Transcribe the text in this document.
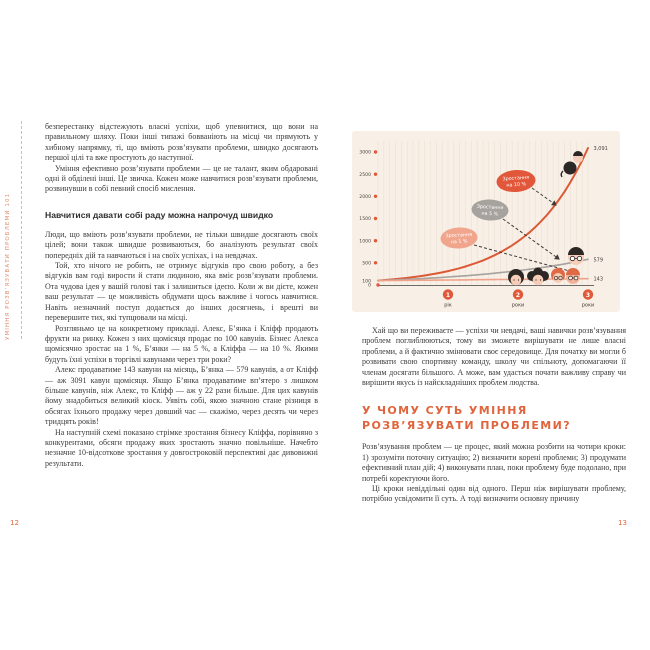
УМІННЯ РОЗВ’ЯЗУВАТИ ПРОБЛЕМИ 101

безперестанку відстежують власні успіхи, щоб упевнитися, що вони на правильному шляху. Поки інші типажі бовваніють на місці чи прямують у хибному напрямку, ті, що вміють розв’язувати проблеми, швидко досягають першої цілі та вже простують до наступної.

Уміння ефективно розв’язувати проблеми — це не талант, яким обдаровані одні й обділені інші. Це звичка. Кожен може навчитися розв’язувати проблеми, розвинувши в собі певний спосіб мислення.

Навчитися давати собі раду можна напрочуд швидко

Люди, що вміють розв’язувати проблеми, не тільки швидше досягають своїх цілей; вони також швидше розвиваються, бо аналізують результат своїх попередніх дій та навчаються і на своїх успіхах, і на невдачах.

Той, хто нічого не робить, не отримує відгуків про свою роботу, а без відгуків вам годі вирости й стати людиною, яка вміє розв’язувати проблеми. Ота чудова ідея у вашій голові так і залишиться ідеєю. Коли ж ви дієте, кожен ваш результат — це можливість обдумати щось важливе і чогось навчитися. Навіть незначний поступ додається до інших досягнень, і врешті ви перевершите тих, які тупцювали на місці.

Розгляньмо це на конкретному прикладі. Алекс, Б’янка і Кліфф продають фрукти на ринку. Кожен з них щомісяця продає по 100 кавунів. Бізнес Алекса щомісячно зростає на 1 %, Б’янки — на 5 %, а Кліффа — на 10 %. Якими будуть їхні успіхи в торгівлі кавунами через три роки?

Алекс продаватиме 143 кавуни на місяць, Б’янка — 579 кавунів, а от Кліфф — аж 3091 кавун щомісяця. Якщо Б’янка продаватиме вп’ятеро з лишком більше кавунів, ніж Алекс, то Кліфф — аж у 22 рази більше. Для цих кавунів йому знадобиться великий кіоск. Уявіть собі, якою значною стане різниця в обсягах їхнього продажу через довший час — скажімо, через десять чи через тридцять років!

На наступній схемі показано стрімке зростання бізнесу Кліффа, порівняно з конкурентами, обсяги продажу яких зростають значно повільніше. Начебто незначне 10-відсоткове зростання у довгостроковій перспективі дає дивовижні результати.

12
3000
2500
2000
1500
1000
500
100
0
1
рік
2
роки
3
роки
3,091
579
143
Зростання
на 10 %
Зростання
на 5 %
Зростання
на 1 %

Хай що ви переживаєте — успіхи чи невдачі, ваші навички розв’язування проблем поглиблюються, тому ви зможете вирішувати не лише власні проблеми, а й фактично змінювати своє середовище. Для початку ви могли б розвивати свою спортивну команду, школу чи спільноту, допомагаючи її членам досягати більшого. А може, вам удасться почати важливу справу чи вирішити якусь із найскладніших проблем людства.

У ЧОМУ СУТЬ УМІННЯ РОЗВ’ЯЗУВАТИ ПРОБЛЕМИ?

Розв’язування проблем — це процес, який можна розбити на чотири кроки: 1) зрозуміти поточну ситуацію; 2) визначити корені проблеми; 3) продумати ефективний план дій; 4) виконувати план, поки проблему буде подолано, при потребі коректуючи його.

Ці кроки невіддільні один від одного. Перш ніж вирішувати проблему, потрібно усвідомити її суть. А тоді визначити основну причину

13
